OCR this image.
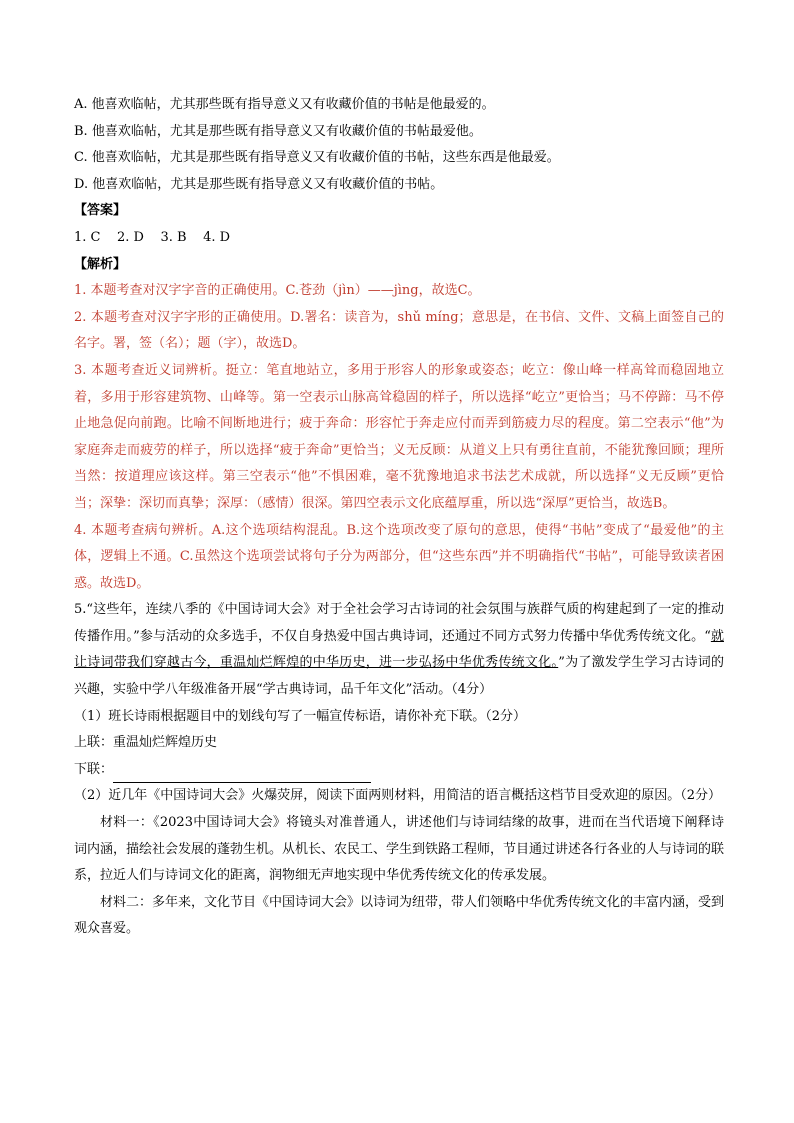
A. 他喜欢临帖，尤其那些既有指导意义又有收藏价值的书帖是他最爱的。

B. 他喜欢临帖，尤其是那些既有指导意义又有收藏价值的书帖最爱他。

C. 他喜欢临帖，尤其是那些既有指导意义又有收藏价值的书帖，这些东西是他最爱。

D. 他喜欢临帖，尤其是那些既有指导意义又有收藏价值的书帖。

【答案】

1. C    2. D    3. B    4. D

【解析】

1. 本题考查对汉字字音的正确使用。C.苍劲（jìn）——jìng，故选C。

2. 本题考查对汉字字形的正确使用。D.署名：读音为，shǔ míng；意思是，在书信、文件、文稿上面签自己的名字。署，签（名）；题（字），故选D。

3. 本题考查近义词辨析。挺立：笔直地站立，多用于形容人的形象或姿态；屹立：像山峰一样高耸而稳固地立着，多用于形容建筑物、山峰等。第一空表示山脉高耸稳固的样子，所以选择“屹立”更恰当；马不停蹄：马不停止地急促向前跑。比喻不间断地进行；疲于奔命：形容忙于奔走应付而弄到筋疲力尽的程度。第二空表示“他”为家庭奔走而疲劳的样子，所以选择“疲于奔命”更恰当；义无反顾：从道义上只有勇往直前，不能犹豫回顾；理所当然：按道理应该这样。第三空表示“他”不惧困难，毫不犹豫地追求书法艺术成就，所以选择“义无反顾”更恰当；深挚：深切而真挚；深厚：（感情）很深。第四空表示文化底蕴厚重，所以选“深厚”更恰当，故选B。

4. 本题考查病句辨析。A.这个选项结构混乱。B.这个选项改变了原句的意思，使得“书帖”变成了“最爱他”的主体，逻辑上不通。C.虽然这个选项尝试将句子分为两部分，但“这些东西”并不明确指代“书帖”，可能导致读者困惑。故选D。

5.“这些年，连续八季的《中国诗词大会》对于全社会学习古诗词的社会氛围与族群气质的构建起到了一定的推动传播作用。”参与活动的众多选手，不仅自身热爱中国古典诗词，还通过不同方式努力传播中华优秀传统文化。“就让诗词带我们穿越古今，重温灿烂辉煌的中华历史，进一步弘扬中华优秀传统文化。”为了激发学生学习古诗词的兴趣，实验中学八年级准备开展“学古典诗词，品千年文化”活动。（4分）

（1）班长诗雨根据题目中的划线句写了一幅宣传标语，请你补充下联。（2分）

上联：重温灿烂辉煌历史

下联：

（2）近几年《中国诗词大会》火爆荧屏，阅读下面两则材料，用简洁的语言概括这档节目受欢迎的原因。（2分）

材料一：《2023中国诗词大会》将镜头对准普通人，讲述他们与诗词结缘的故事，进而在当代语境下阐释诗词内涵，描绘社会发展的蓬勃生机。从机长、农民工、学生到铁路工程师，节目通过讲述各行各业的人与诗词的联系，拉近人们与诗词文化的距离，润物细无声地实现中华优秀传统文化的传承发展。

材料二：多年来，文化节目《中国诗词大会》以诗词为纽带，带人们领略中华优秀传统文化的丰富内涵，受到观众喜爱。
